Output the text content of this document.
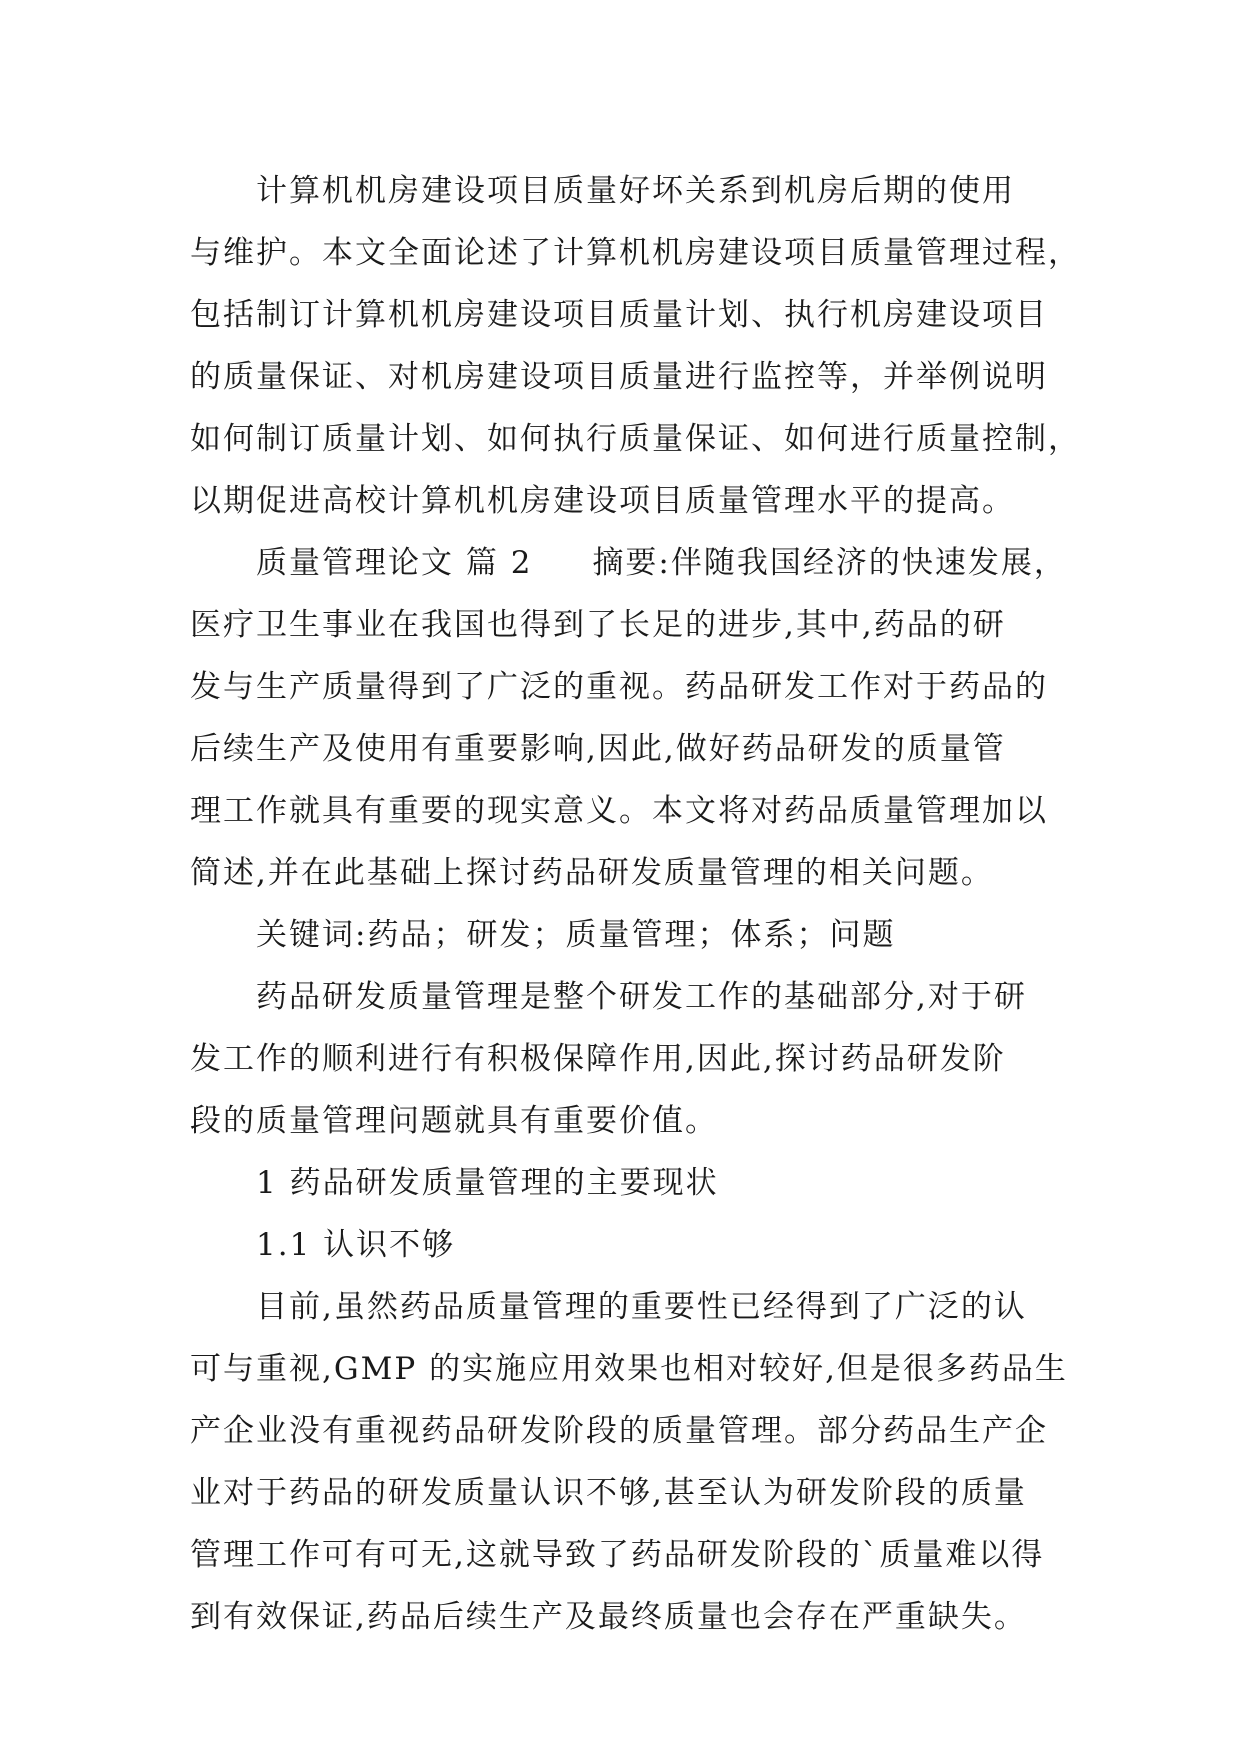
计算机机房建设项目质量好坏关系到机房后期的使用
与维护。本文全面论述了计算机机房建设项目质量管理过程，
包括制订计算机机房建设项目质量计划、执行机房建设项目
的质量保证、对机房建设项目质量进行监控等，并举例说明
如何制订质量计划、如何执行质量保证、如何进行质量控制，
以期促进高校计算机机房建设项目质量管理水平的提高。
质量管理论文 篇 2 摘要:伴随我国经济的快速发展，
医疗卫生事业在我国也得到了长足的进步,其中,药品的研
发与生产质量得到了广泛的重视。药品研发工作对于药品的
后续生产及使用有重要影响,因此,做好药品研发的质量管
理工作就具有重要的现实意义。本文将对药品质量管理加以
简述,并在此基础上探讨药品研发质量管理的相关问题。
关键词:药品；研发；质量管理；体系；问题
药品研发质量管理是整个研发工作的基础部分,对于研
发工作的顺利进行有积极保障作用,因此,探讨药品研发阶
段的质量管理问题就具有重要价值。
1 药品研发质量管理的主要现状
1.1 认识不够
目前,虽然药品质量管理的重要性已经得到了广泛的认
可与重视,GMP 的实施应用效果也相对较好,但是很多药品生
产企业没有重视药品研发阶段的质量管理。部分药品生产企
业对于药品的研发质量认识不够,甚至认为研发阶段的质量
管理工作可有可无,这就导致了药品研发阶段的`质量难以得
到有效保证,药品后续生产及最终质量也会存在严重缺失。
